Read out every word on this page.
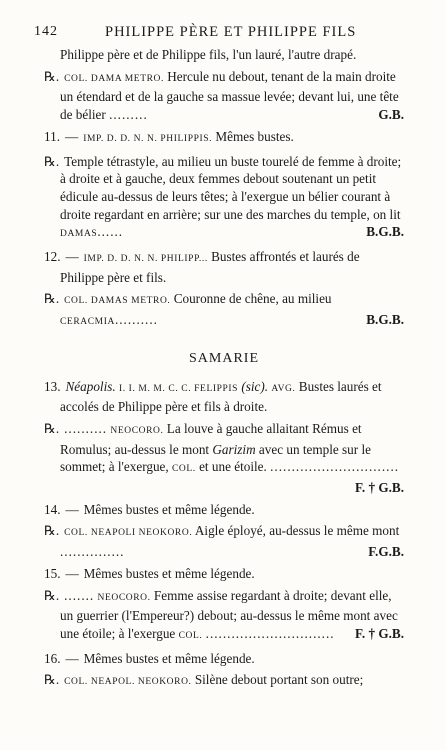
142	PHILIPPE PÈRE ET PHILIPPE FILS

Philippe père et de Philippe fils, l'un lauré, l'autre drapé.

℞. COL. DAMA METRO. Hercule nu debout, tenant de la main droite un étendard et de la gauche sa massue levée; devant lui, une tête de bélier .........	G.B.

11. — IMP. D. D. N. N. PHILIPPIS. Mêmes bustes.

℞. Temple tétrastyle, au milieu un buste tourelé de femme à droite; à droite et à gauche, deux femmes debout soutenant un petit édicule au-dessus de leurs têtes; à l'exergue un bélier courant à droite regardant en arrière; sur une des marches du temple, on lit DAMAS......	B.G.B.

12. — IMP. D. D. N. N. PHILIPP... Bustes affrontés et laurés de Philippe père et fils.

℞. COL. DAMAS METRO. Couronne de chêne, au milieu CERACMIA..........	B.G.B.

SAMARIE

13. Néapolis. I. I. M. M. C. C. FELIPPIS (sic). AVG. Bustes laurés et accolés de Philippe père et fils à droite.

℞. .......... NEOCORO. La louve à gauche allaitant Rémus et Romulus; au-dessus le mont Garizim avec un temple sur le sommet; à l'exergue, COL. et une étoile. ..............................
F. † G.B.

14. — Mêmes bustes et même légende.

℞. COL. NEAPOLI NEOKORO. Aigle éployé, au-dessus le même mont ...............	F.G.B.

15. — Mêmes bustes et même légende.

℞. ....... NEOCORO. Femme assise regardant à droite; devant elle, un guerrier (l'Empereur?) debout; au-dessus le même mont avec une étoile; à l'exergue COL. .............................. F. † G.B.

16. — Mêmes bustes et même légende.

℞. COL. NEAPOL. NEOKORO. Silène debout portant son outre;
